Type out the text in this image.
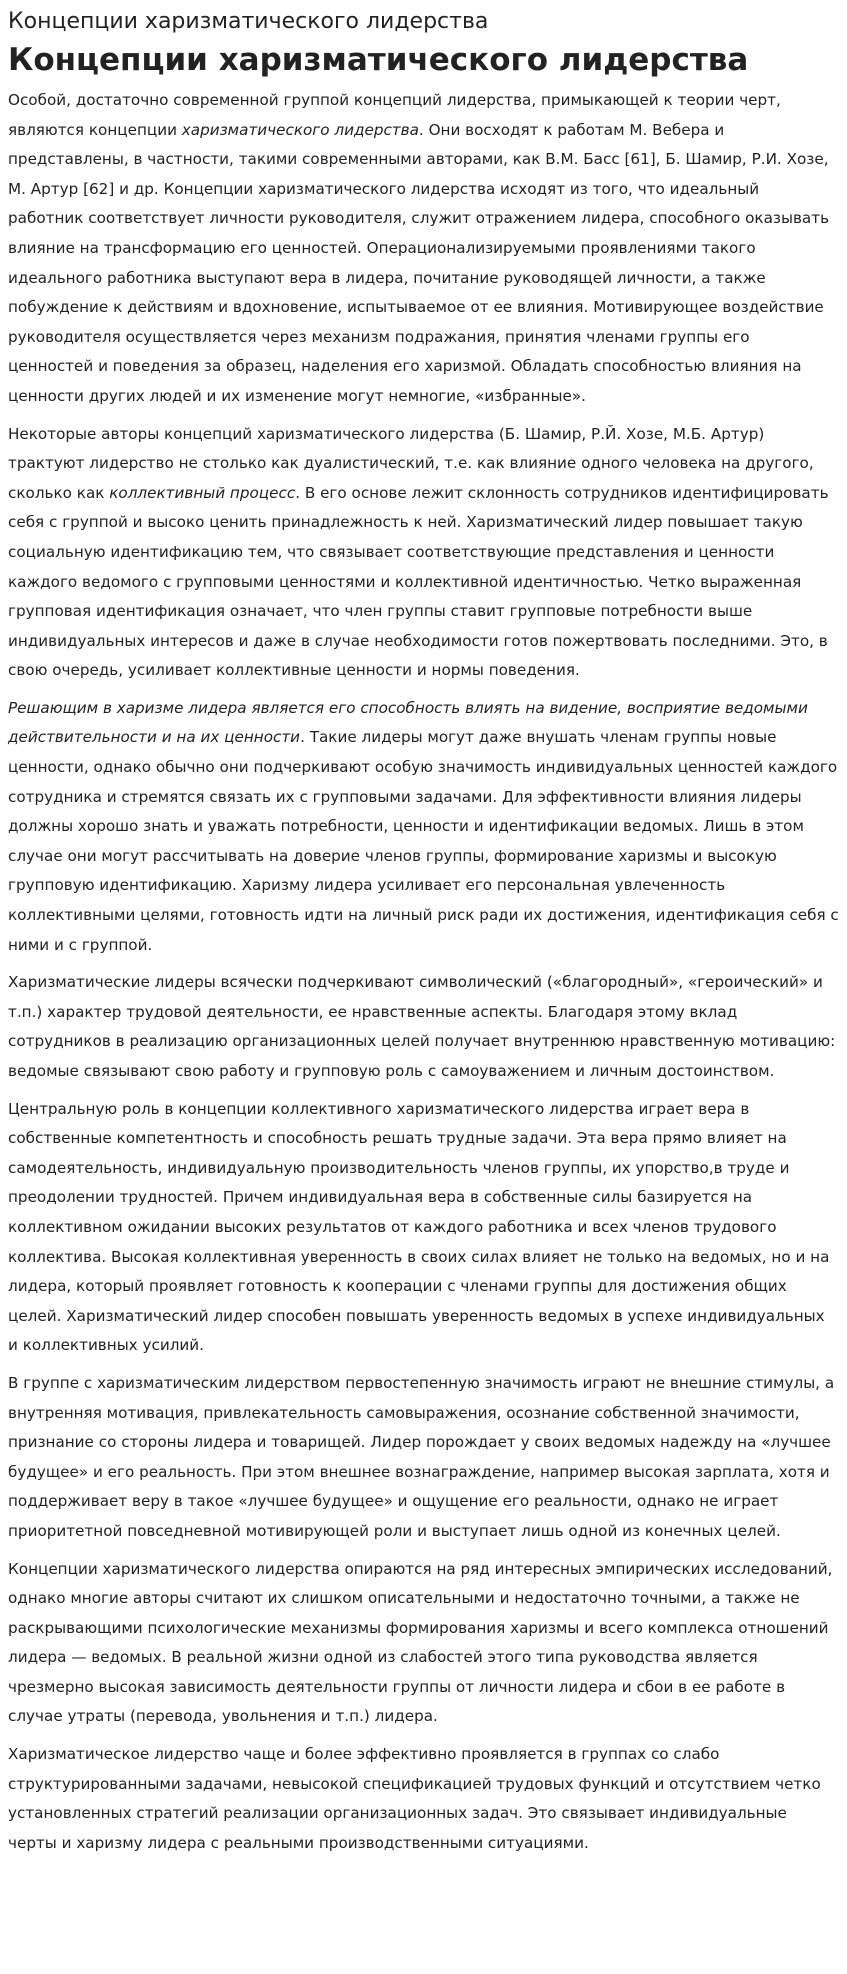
Концепции харизматического лидерства
Концепции харизматического лидерства

Особой, достаточно современной группой концепций лидерства, примыкающей к теории черт, являются концепции харизматического лидерства. Они восходят к работам М. Вебера и представлены, в частности, такими современными авторами, как В.М. Басс [61], Б. Шамир, Р.И. Хозе, М. Артур [62] и др. Концепции харизматического лидерства исходят из того, что идеальный работник соответствует личности руководителя, служит отражением лидера, способного оказывать влияние на трансформацию его ценностей. Операционализируемыми проявлениями такого идеального работника выступают вера в лидера, почитание руководящей личности, а также побуждение к действиям и вдохновение, испытываемое от ее влияния. Мотивирующее воздействие руководителя осуществляется через механизм подражания, принятия членами группы его ценностей и поведения за образец, наделения его харизмой. Обладать способностью влияния на ценности других людей и их изменение могут немногие, «избранные».

Некоторые авторы концепций харизматического лидерства (Б. Шамир, Р.Й. Хозе, М.Б. Артур) трактуют лидерство не столько как дуалистический, т.е. как влияние одного человека на другого, сколько как коллективный процесс. В его основе лежит склонность сотрудников идентифицировать себя с группой и высоко ценить принадлежность к ней. Харизматический лидер повышает такую социальную идентификацию тем, что связывает соответствующие представления и ценности каждого ведомого с групповыми ценностями и коллективной идентичностью. Четко выраженная групповая идентификация означает, что член группы ставит групповые потребности выше индивидуальных интересов и даже в случае необходимости готов пожертвовать последними. Это, в свою очередь, усиливает коллективные ценности и нормы поведения.

Решающим в харизме лидера является его способность влиять на видение, восприятие ведомыми действительности и на их ценности. Такие лидеры могут даже внушать членам группы новые ценности, однако обычно они подчеркивают особую значимость индивидуальных ценностей каждого сотрудника и стремятся связать их с групповыми задачами. Для эффективности влияния лидеры должны хорошо знать и уважать потребности, ценности и идентификации ведомых. Лишь в этом случае они могут рассчитывать на доверие членов группы, формирование харизмы и высокую групповую идентификацию. Харизму лидера усиливает его персональная увлеченность коллективными целями, готовность идти на личный риск ради их достижения, идентификация себя с ними и с группой.

Харизматические лидеры всячески подчеркивают символический («благородный», «героический» и т.п.) характер трудовой деятельности, ее нравственные аспекты. Благодаря этому вклад сотрудников в реализацию организационных целей получает внутреннюю нравственную мотивацию: ведомые связывают свою работу и групповую роль с самоуважением и личным достоинством.

Центральную роль в концепции коллективного харизматического лидерства играет вера в собственные компетентность и способность решать трудные задачи. Эта вера прямо влияет на самодеятельность, индивидуальную производительность членов группы, их упорство,в труде и преодолении трудностей. Причем индивидуальная вера в собственные силы базируется на коллективном ожидании высоких результатов от каждого работника и всех членов трудового коллектива. Высокая коллективная уверенность в своих силах влияет не только на ведомых, но и на лидера, который проявляет готовность к кооперации с членами группы для достижения общих целей. Харизматический лидер способен повышать уверенность ведомых в успехе индивидуальных и коллективных усилий.

В группе с харизматическим лидерством первостепенную значимость играют не внешние стимулы, а внутренняя мотивация, привлекательность самовыражения, осознание собственной значимости, признание со стороны лидера и товарищей. Лидер порождает у своих ведомых надежду на «лучшее будущее» и его реальность. При этом внешнее вознаграждение, например высокая зарплата, хотя и поддерживает веру в такое «лучшее будущее» и ощущение его реальности, однако не играет приоритетной повседневной мотивирующей роли и выступает лишь одной из конечных целей.

Концепции харизматического лидерства опираются на ряд интересных эмпирических исследований, однако многие авторы считают их слишком описательными и недостаточно точными, а также не раскрывающими психологические механизмы формирования харизмы и всего комплекса отношений лидера — ведомых. В реальной жизни одной из слабостей этого типа руководства является чрезмерно высокая зависимость деятельности группы от личности лидера и сбои в ее работе в случае утраты (перевода, увольнения и т.п.) лидера.

Харизматическое лидерство чаще и более эффективно проявляется в группах со слабо структурированными задачами, невысокой спецификацией трудовых функций и отсутствием четко установленных стратегий реализации организационных задач. Это связывает индивидуальные черты и харизму лидера с реальными производственными ситуациями.
